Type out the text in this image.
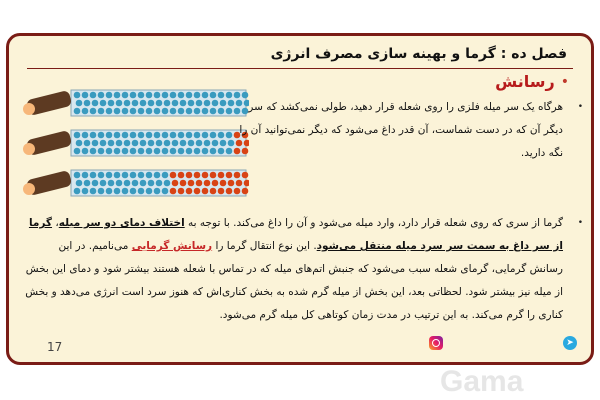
فصل ده : گرما و بهینه سازی مصرف انرژی
•
رسانش
•
هرگاه یک سر میله فلزی را روی شعله قرار دهید، طولی نمی‌کشد که سر دیگر آن که در دست شماست، آن قدر داغ می‌شود که دیگر نمی‌توانید آن را نگه دارید.
•
گرما از سری که روی شعله قرار دارد، وارد میله می‌شود و آن را داغ می‌کند. با توجه به اختلاف دمای دو سر میله، گرما از سر داغ به سمت سر سرد میله منتقل می‌شود. این نوع انتقال گرما را رسانش گرمایی می‌نامیم. در این رسانش گرمایی، گرمای شعله سبب می‌شود که جنبش اتم‌های میله که در تماس با شعله هستند بیشتر شود و دمای این بخش از میله نیز بیشتر شود. لحظاتی بعد، این بخش از میله گرم شده به بخش کناری‌اش که هنوز سرد است انرژی می‌دهد و بخش کناری را گرم می‌کند. به این ترتیب در مدت زمان کوتاهی کل میله گرم می‌شود.
17	➤
Gama
